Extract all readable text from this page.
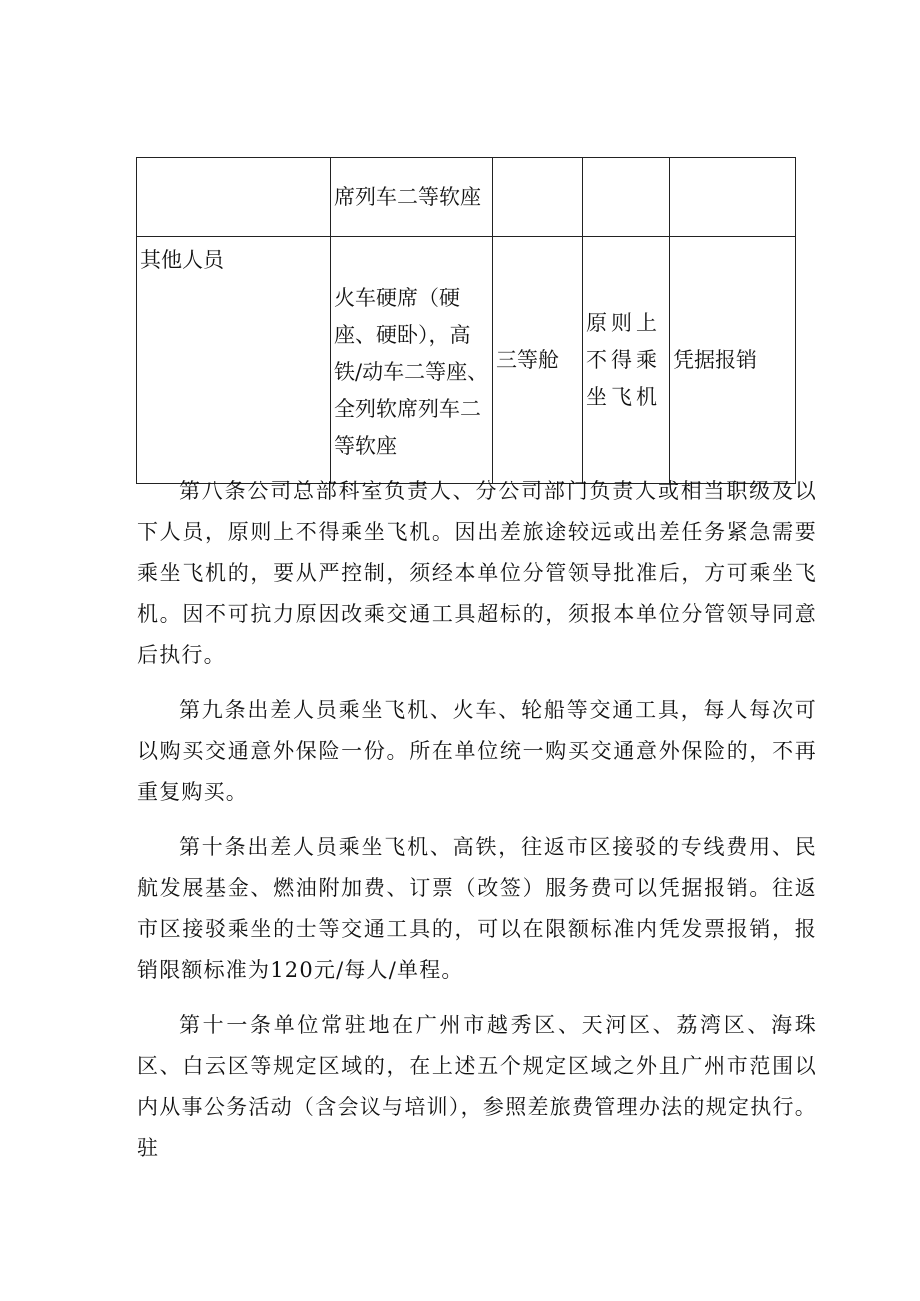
	席列车二等软座			

其他人员	火车硬席（硬座、硬卧），高铁/动车二等座、全列软席列车二等软座	三等舱	原则上不得乘坐飞机	凭据报销

第八条公司总部科室负责人、分公司部门负责人或相当职级及以下人员，原则上不得乘坐飞机。因出差旅途较远或出差任务紧急需要乘坐飞机的，要从严控制，须经本单位分管领导批准后，方可乘坐飞机。因不可抗力原因改乘交通工具超标的，须报本单位分管领导同意后执行。

第九条出差人员乘坐飞机、火车、轮船等交通工具，每人每次可以购买交通意外保险一份。所在单位统一购买交通意外保险的，不再重复购买。

第十条出差人员乘坐飞机、高铁，往返市区接驳的专线费用、民航发展基金、燃油附加费、订票（改签）服务费可以凭据报销。往返市区接驳乘坐的士等交通工具的，可以在限额标准内凭发票报销，报销限额标准为120元/每人/单程。

第十一条单位常驻地在广州市越秀区、天河区、荔湾区、海珠区、白云区等规定区域的，在上述五个规定区域之外且广州市范围以内从事公务活动（含会议与培训），参照差旅费管理办法的规定执行。驻
